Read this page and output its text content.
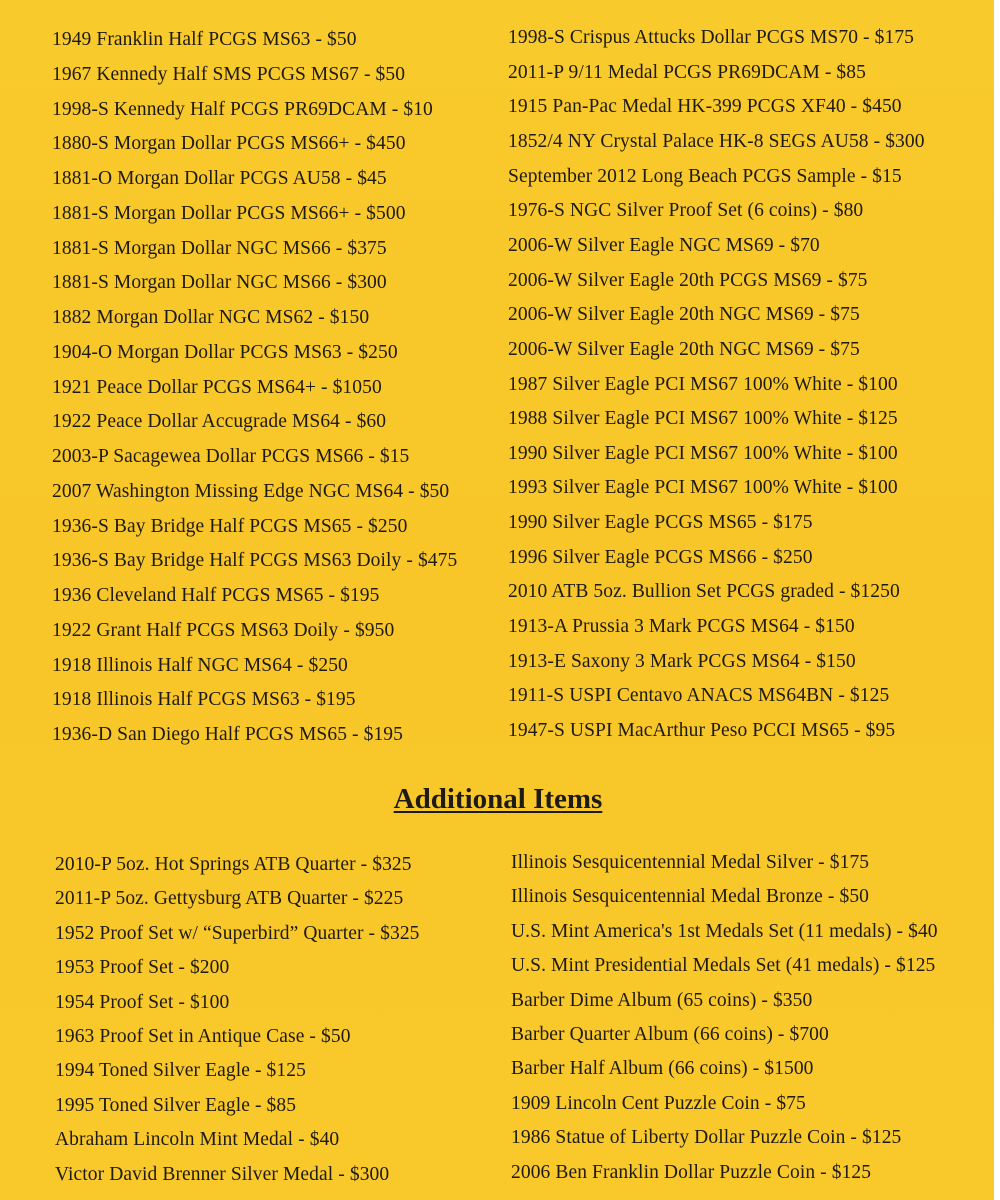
1949 Franklin Half PCGS MS63 - $50
1967 Kennedy Half SMS PCGS MS67 - $50
1998-S Kennedy Half PCGS PR69DCAM - $10
1880-S Morgan Dollar PCGS MS66+ - $450
1881-O Morgan Dollar PCGS AU58 - $45
1881-S Morgan Dollar PCGS MS66+ - $500
1881-S Morgan Dollar NGC MS66 - $375
1881-S Morgan Dollar NGC MS66 - $300
1882 Morgan Dollar NGC MS62 - $150
1904-O Morgan Dollar PCGS MS63 - $250
1921 Peace Dollar PCGS MS64+ - $1050
1922 Peace Dollar Accugrade MS64 - $60
2003-P Sacagewea Dollar PCGS MS66 - $15
2007 Washington Missing Edge NGC MS64 - $50
1936-S Bay Bridge Half PCGS MS65 - $250
1936-S Bay Bridge Half PCGS MS63 Doily - $475
1936 Cleveland Half PCGS MS65 - $195
1922 Grant Half PCGS MS63 Doily - $950
1918 Illinois Half NGC MS64 - $250
1918 Illinois Half PCGS MS63 - $195
1936-D San Diego Half PCGS MS65 - $195
1998-S Crispus Attucks Dollar PCGS MS70 - $175
2011-P 9/11 Medal PCGS PR69DCAM - $85
1915 Pan-Pac Medal HK-399 PCGS XF40 - $450
1852/4 NY Crystal Palace HK-8 SEGS AU58 - $300
September 2012 Long Beach PCGS Sample - $15
1976-S NGC Silver Proof Set (6 coins) - $80
2006-W Silver Eagle NGC MS69 - $70
2006-W Silver Eagle 20th PCGS MS69 - $75
2006-W Silver Eagle 20th NGC MS69 - $75
2006-W Silver Eagle 20th NGC MS69 - $75
1987 Silver Eagle PCI MS67 100% White - $100
1988 Silver Eagle PCI MS67 100% White - $125
1990 Silver Eagle PCI MS67 100% White - $100
1993 Silver Eagle PCI MS67 100% White - $100
1990 Silver Eagle PCGS MS65 - $175
1996 Silver Eagle PCGS MS66 - $250
2010 ATB 5oz. Bullion Set PCGS graded - $1250
1913-A Prussia 3 Mark PCGS MS64 - $150
1913-E Saxony 3 Mark PCGS MS64 - $150
1911-S USPI Centavo ANACS MS64BN - $125
1947-S USPI MacArthur Peso PCCI MS65 - $95
Additional Items
2010-P 5oz. Hot Springs ATB Quarter - $325
2011-P 5oz. Gettysburg ATB Quarter - $225
1952 Proof Set w/ “Superbird” Quarter - $325
1953 Proof Set - $200
1954 Proof Set - $100
1963 Proof Set in Antique Case - $50
1994 Toned Silver Eagle - $125
1995 Toned Silver Eagle - $85
Abraham Lincoln Mint Medal - $40
Victor David Brenner Silver Medal - $300
Illinois Sesquicentennial Medal Silver - $175
Illinois Sesquicentennial Medal Bronze - $50
U.S. Mint America's 1st Medals Set (11 medals) - $40
U.S. Mint Presidential Medals Set (41 medals) - $125
Barber Dime Album (65 coins) - $350
Barber Quarter Album (66 coins) - $700
Barber Half Album (66 coins) - $1500
1909 Lincoln Cent Puzzle Coin - $75
1986 Statue of Liberty Dollar Puzzle Coin - $125
2006 Ben Franklin Dollar Puzzle Coin - $125
